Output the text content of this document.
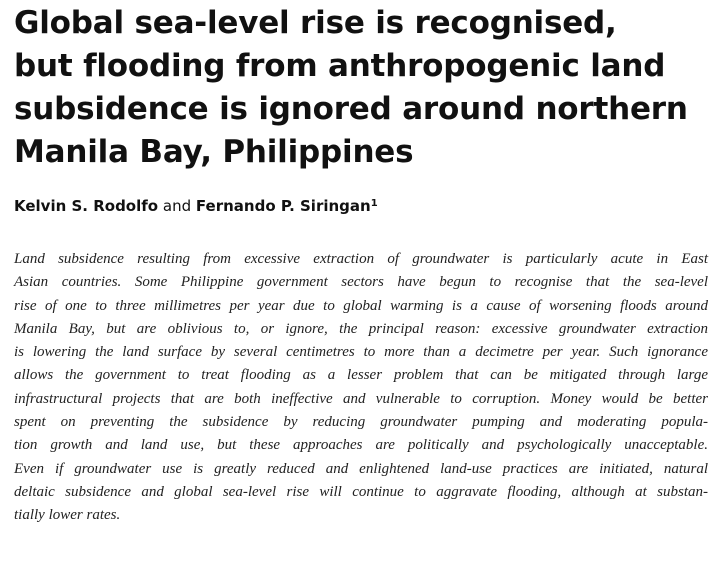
Global sea-level rise is recognised,
but flooding from anthropogenic land
subsidence is ignored around northern
Manila Bay, Philippines
Kelvin S. Rodolfo and Fernando P. Siringan$^1$
Land subsidence resulting from excessive extraction of groundwater is particularly acute in East
Asian countries. Some Philippine government sectors have begun to recognise that the sea-level
rise of one to three millimetres per year due to global warming is a cause of worsening floods around
Manila Bay, but are oblivious to, or ignore, the principal reason: excessive groundwater extraction
is lowering the land surface by several centimetres to more than a decimetre per year. Such ignorance
allows the government to treat flooding as a lesser problem that can be mitigated through large
infrastructural projects that are both ineffective and vulnerable to corruption. Money would be better
spent on preventing the subsidence by reducing groundwater pumping and moderating popula-
tion growth and land use, but these approaches are politically and psychologically unacceptable.
Even if groundwater use is greatly reduced and enlightened land-use practices are initiated, natural
deltaic subsidence and global sea-level rise will continue to aggravate flooding, although at substan-
tially lower rates.
